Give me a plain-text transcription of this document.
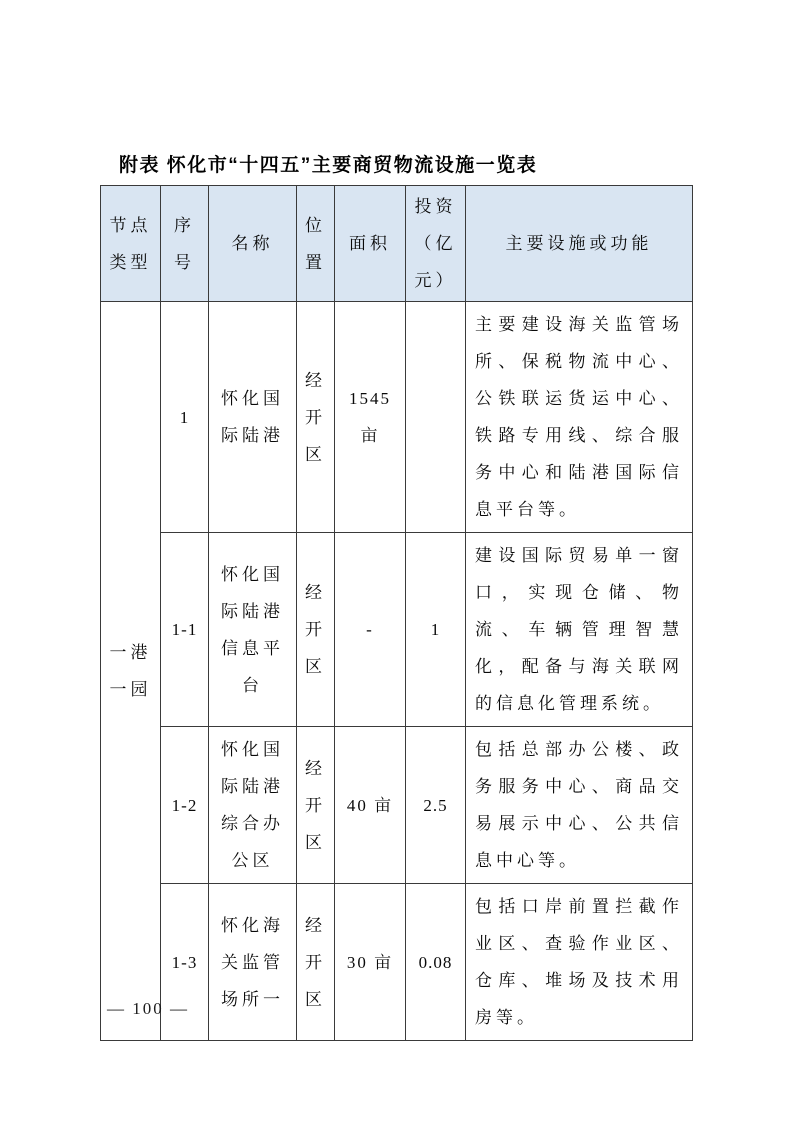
附表 怀化市“十四五”主要商贸物流设施一览表
节点类型	序号	名称	位置	面积	投资（亿元）	主要设施或功能
一港一园	1	怀化国际陆港	经开区	1545亩		主要建设海关监管场所、保税物流中心、公铁联运货运中心、铁路专用线、综合服务中心和陆港国际信息平台等。
	1-1	怀化国际陆港信息平台	经开区	-	1	建设国际贸易单一窗口，实现仓储、物流、车辆管理智慧化，配备与海关联网的信息化管理系统。
	1-2	怀化国际陆港综合办公区	经开区	40 亩	2.5	包括总部办公楼、政务服务中心、商品交易展示中心、公共信息中心等。
	1-3	怀化海关监管场所一	经开区	30 亩	0.08	包括口岸前置拦截作业区、查验作业区、仓库、堆场及技术用房等。
— 100 —
